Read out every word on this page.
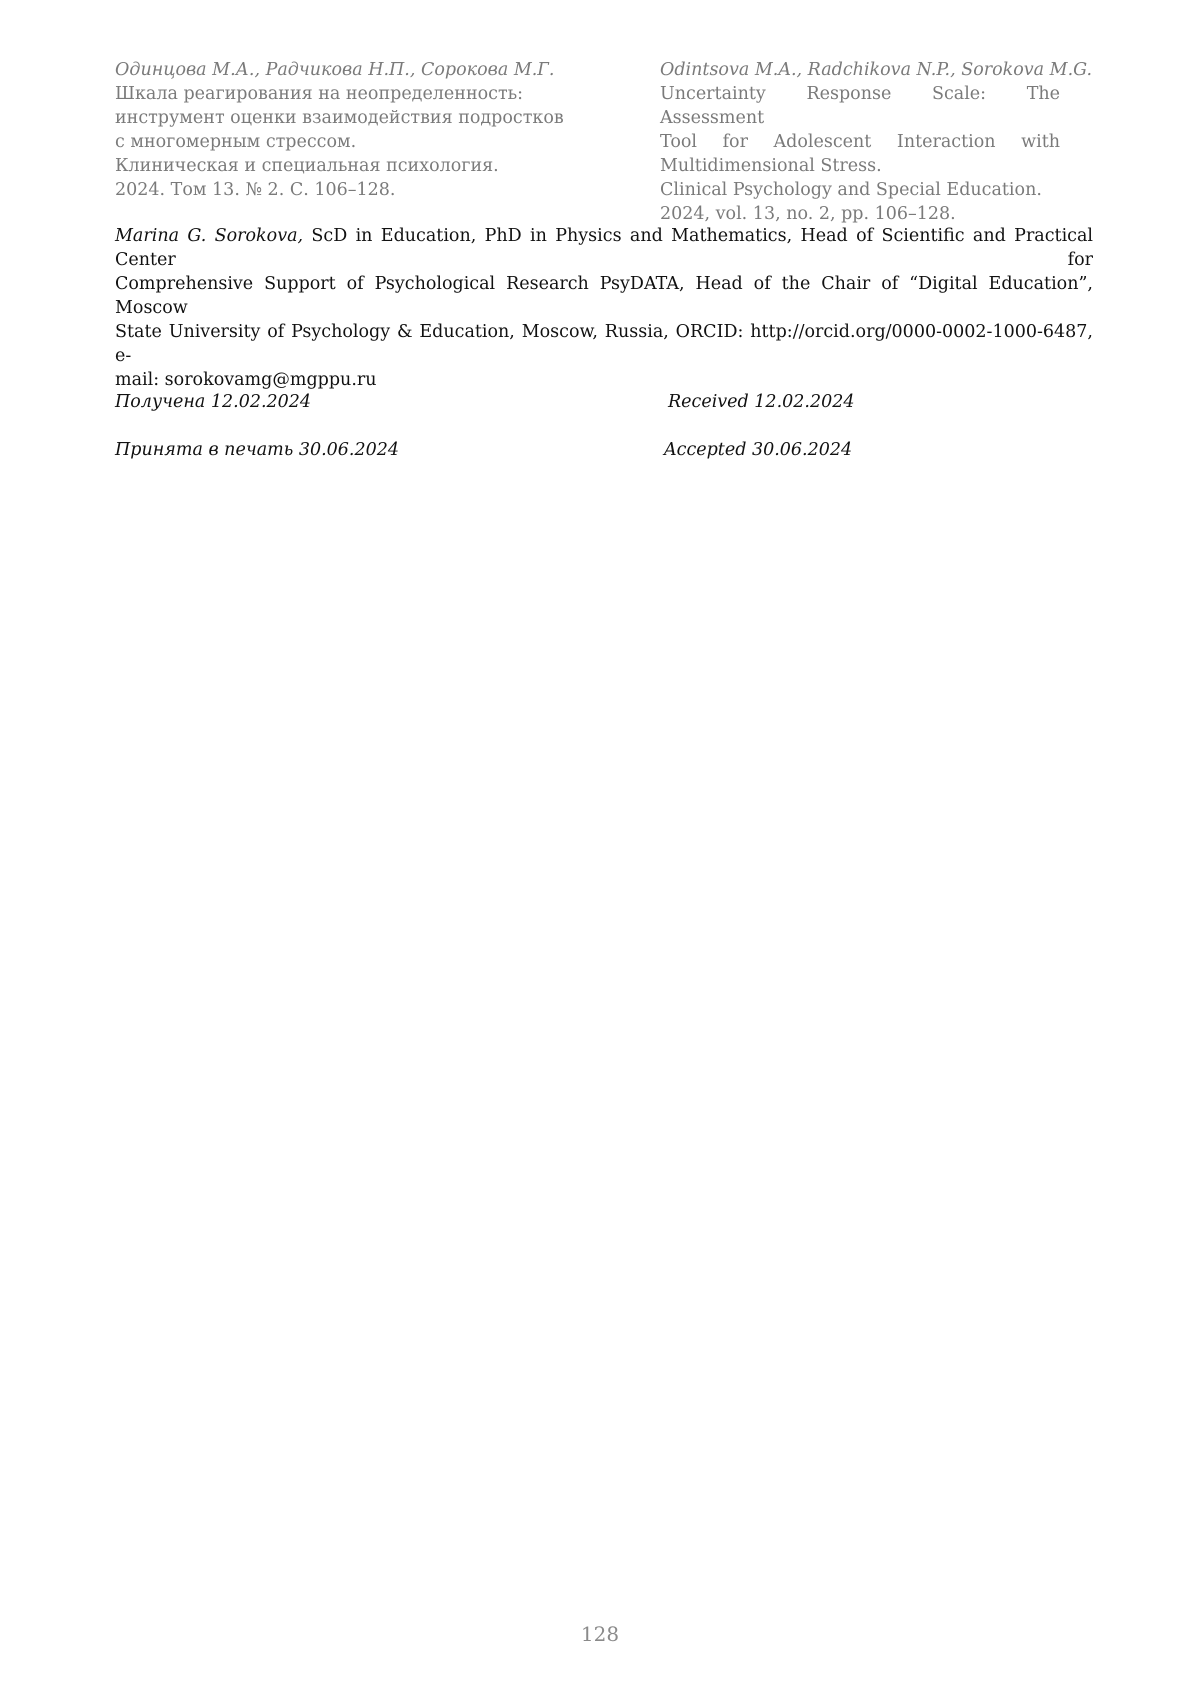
Одинцова М.А., Радчикова Н.П., Сорокова М.Г.
Шкала реагирования на неопределенность:
инструмент оценки взаимодействия подростков
с многомерным стрессом.
Клиническая и специальная психология.
2024. Том 13. № 2. С. 106–128.
Odintsova M.A., Radchikova N.P., Sorokova M.G.
Uncertainty Response Scale: The Assessment
Tool for Adolescent Interaction with
Multidimensional Stress.
Clinical Psychology and Special Education.
2024, vol. 13, no. 2, pp. 106–128.
Marina G. Sorokova, ScD in Education, PhD in Physics and Mathematics, Head of Scientific and Practical Center for
Comprehensive Support of Psychological Research PsyDATA, Head of the Chair of “Digital Education”, Moscow
State University of Psychology & Education, Moscow, Russia, ORCID: http://orcid.org/0000-0002-1000-6487, e-
mail: sorokovamg@mgppu.ru
Получена 12.02.2024	Received 12.02.2024
Принята в печать 30.06.2024	Accepted 30.06.2024
128
